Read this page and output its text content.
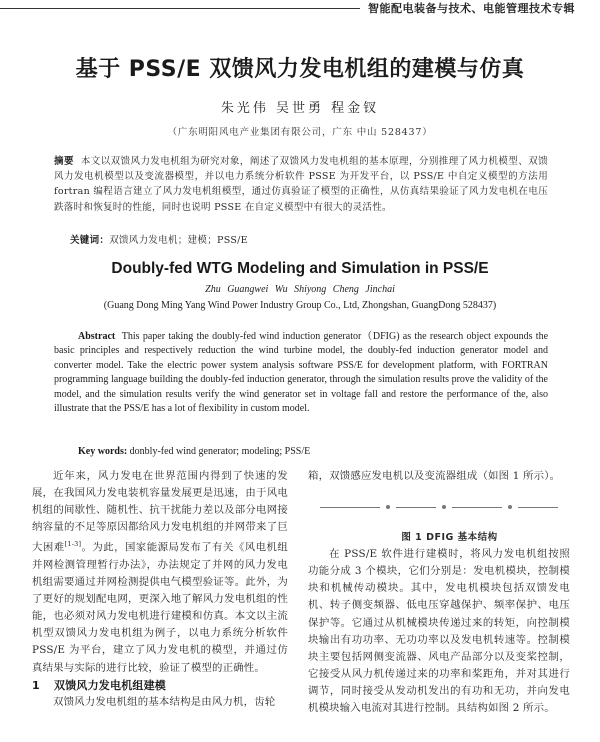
智能配电装备与技术、电能管理技术专辑
基于 PSS/E 双馈风力发电机组的建模与仿真
朱光伟 吴世勇 程金钗
（广东明阳风电产业集团有限公司，广东 中山 528437）
摘要 本文以双馈风力发电机组为研究对象，阐述了双馈风力发电机组的基本原理，分别推理了风力机模型、双馈风力发电机模型以及变流器模型，并以电力系统分析软件 PSSE 为开发平台，以 PSS/E 中自定义模型的方法用 fortran 编程语言建立了风力发电机组模型，通过仿真验证了模型的正确性，从仿真结果验证了风力发电机在电压跌落时和恢复时的性能，同时也说明 PSSE 在自定义模型中有很大的灵活性。
关键词：双馈风力发电机；建模；PSS/E
Doubly-fed WTG Modeling and Simulation in PSS/E
Zhu Guangwei Wu Shiyong Cheng Jinchai
(Guang Dong Ming Yang Wind Power Industry Group Co., Ltd, Zhongshan, GuangDong 528437)
Abstract This paper taking the doubly-fed wind induction generator（DFIG) as the research object expounds the basic principles and respectively reduction the wind turbine model, the doubly-fed induction generator model and converter model. Take the electric power system analysis software PSS/E for development platform, with FORTRAN programming language building the doubly-fed induction generator, through the simulation results prove the validity of the model, and the simulation results verify the wind generator set in voltage fall and restore the performance of the, also illustrate that the PSS/E has a lot of flexibility in custom model.
Key words: donbly-fed wind generator; modeling; PSS/E

近年来，风力发电在世界范围内得到了快速的发展，在我国风力发电装机容量发展更是迅速，由于风电机组的间歇性、随机性、抗干扰能力差以及部分电网接纳容量的不足等原因都给风力发电机组的并网带来了巨大困难[1-3]。为此，国家能源局发布了有关《风电机组并网检测管理暂行办法》，办法规定了并网的风力发电机组需要通过并网检测提供电气模型验证等。此外，为了更好的规划配电网，更深入地了解风力发电机组的性能，也必须对风力发电机进行建模和仿真。本文以主流机型双馈风力发电机组为例子，以电力系统分析软件 PSS/E 为平台，建立了风力发电机的模型，并通过仿真结果与实际的进行比较，验证了模型的正确性。

1 双馈风力发电机组建模

双馈风力发电机组的基本结构是由风力机，齿轮

箱，双馈感应发电机以及变流器组成（如图 1 所示）。

图 1 DFIG 基本结构

在 PSS/E 软件进行建模时，将风力发电机组按照功能分成 3 个模块，它们分别是：发电机模块，控制模块和机械传动模块。其中，发电机模块包括双馈发电机、转子侧变频器、低电压穿越保护、频率保护、电压保护等。它通过从机械模块传递过来的转矩，向控制模块输出有功功率、无功功率以及发电机转速等。控制模块主要包括网侧变流器、风电产品部分以及变桨控制，它接受从风力机传递过来的功率和桨距角，并对其进行调节，同时接受从发动机发出的有功和无功，并向发电机模块输入电流对其进行控制。具结构如图 2 所示。
